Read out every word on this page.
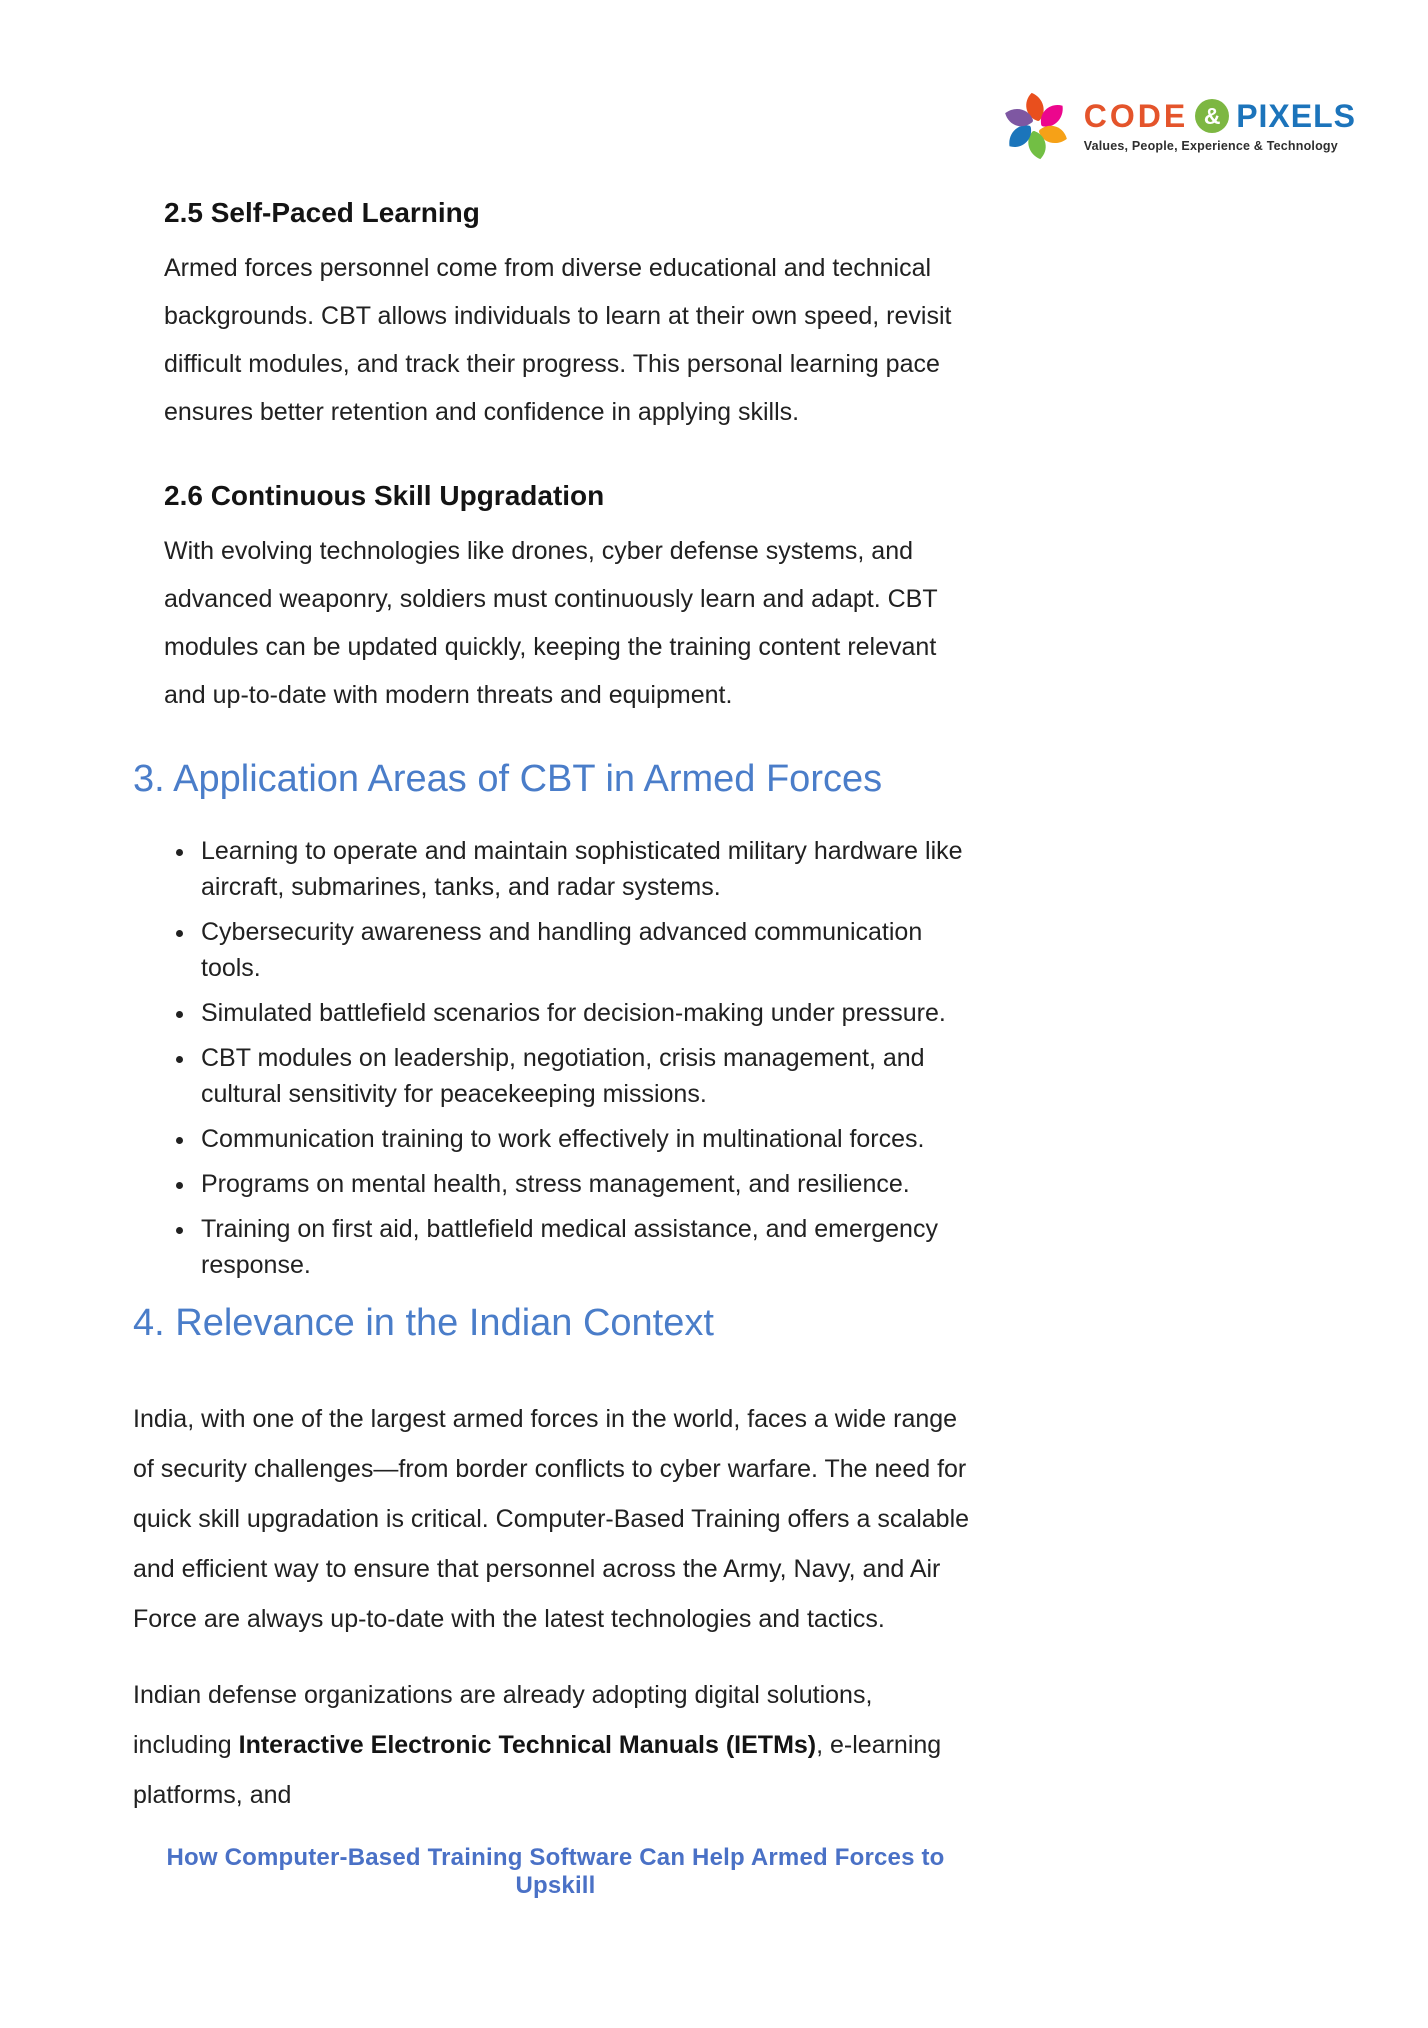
CODE & PIXELS
Values, People, Experience & Technology
2.5 Self-Paced Learning

Armed forces personnel come from diverse educational and technical backgrounds. CBT allows individuals to learn at their own speed, revisit difficult modules, and track their progress. This personal learning pace ensures better retention and confidence in applying skills.

2.6 Continuous Skill Upgradation

With evolving technologies like drones, cyber defense systems, and advanced weaponry, soldiers must continuously learn and adapt. CBT modules can be updated quickly, keeping the training content relevant and up-to-date with modern threats and equipment.

3. Application Areas of CBT in Armed Forces
• Learning to operate and maintain sophisticated military hardware like aircraft, submarines, tanks, and radar systems.
• Cybersecurity awareness and handling advanced communication tools.
• Simulated battlefield scenarios for decision-making under pressure.
• CBT modules on leadership, negotiation, crisis management, and cultural sensitivity for peacekeeping missions.
• Communication training to work effectively in multinational forces.
• Programs on mental health, stress management, and resilience.
• Training on first aid, battlefield medical assistance, and emergency response.
4. Relevance in the Indian Context

India, with one of the largest armed forces in the world, faces a wide range of security challenges—from border conflicts to cyber warfare. The need for quick skill upgradation is critical. Computer-Based Training offers a scalable and efficient way to ensure that personnel across the Army, Navy, and Air Force are always up-to-date with the latest technologies and tactics.

Indian defense organizations are already adopting digital solutions, including Interactive Electronic Technical Manuals (IETMs), e-learning platforms, and

How Computer-Based Training Software Can Help Armed Forces to Upskill
